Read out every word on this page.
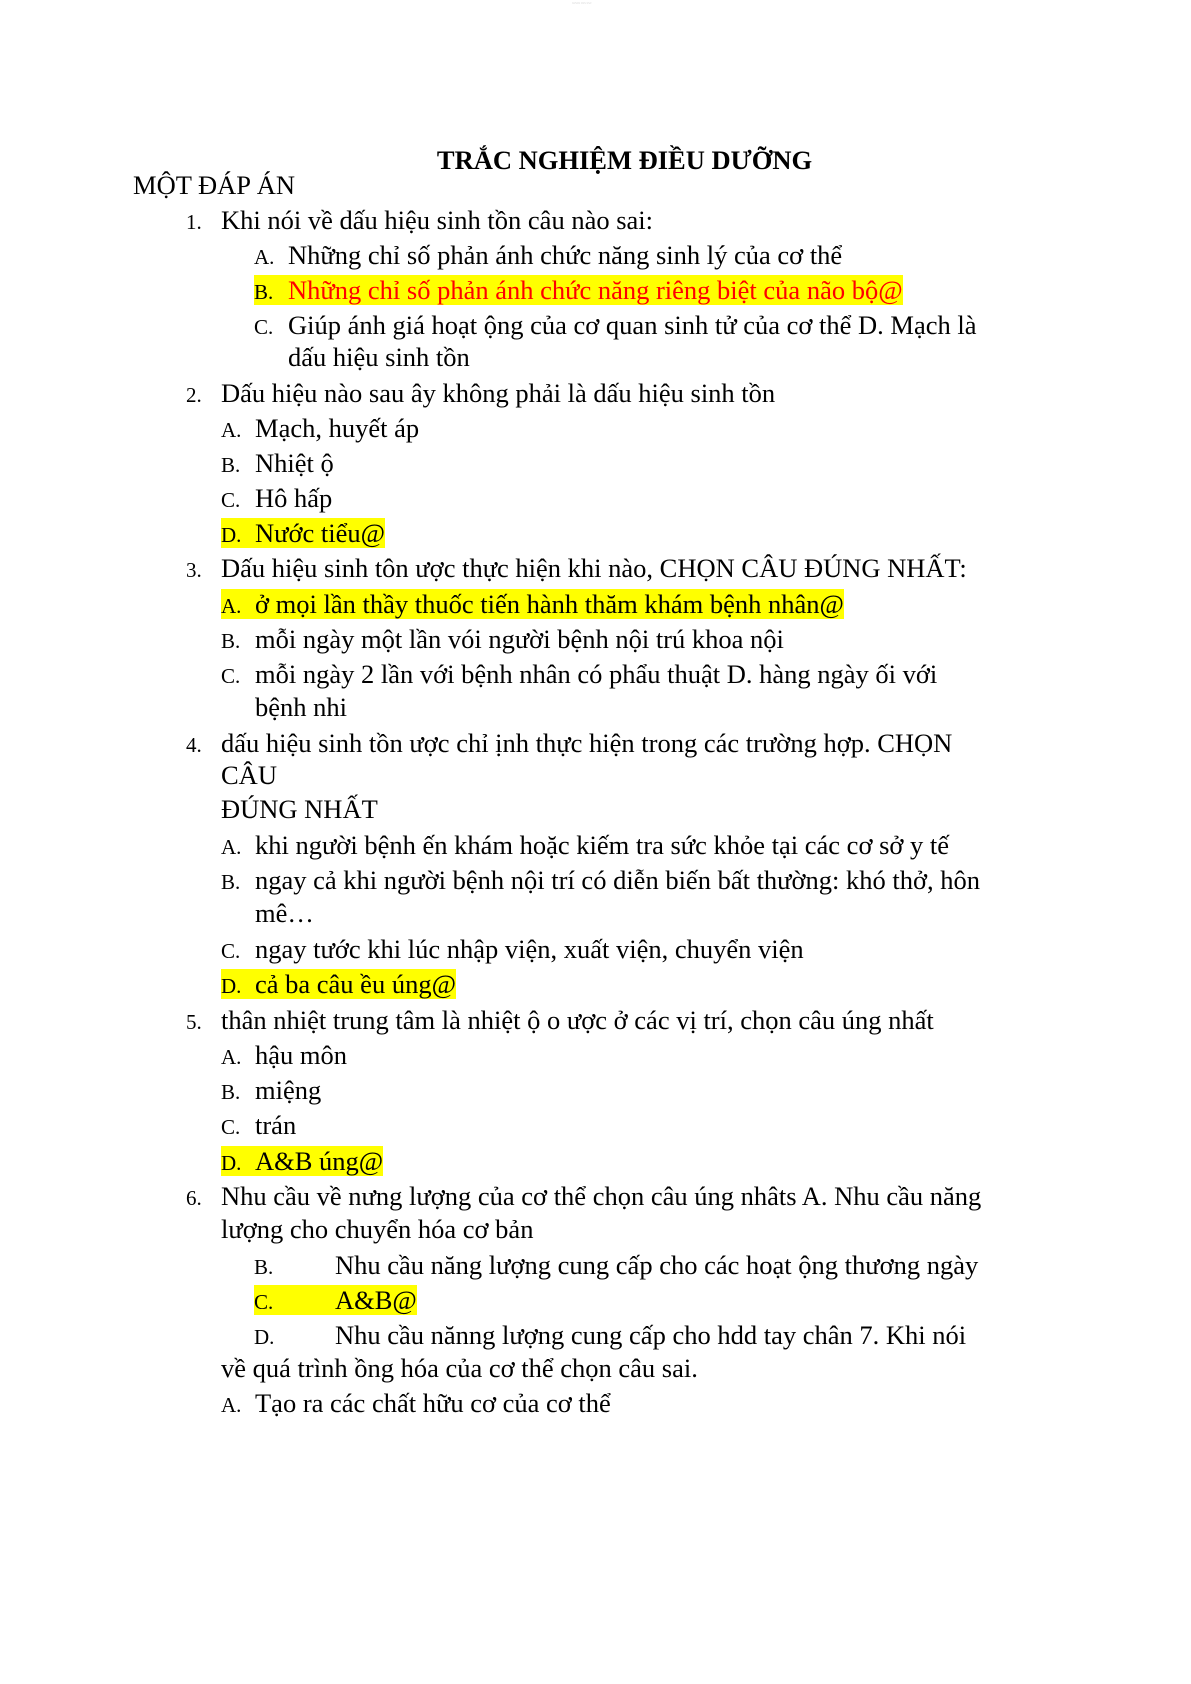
~~~~~ ~~~ ~~~
TRẮC NGHIỆM ĐIỀU DƯỠNG
MỘT ĐÁP ÁN
1. Khi nói về dấu hiệu sinh tồn câu nào sai:
A. Những chỉ số phản ánh chức năng sinh lý của cơ thể
B. Những chỉ số phản ánh chức năng riêng biệt của não bộ@
C. Giúp ánh giá hoạt ộng của cơ quan sinh tử của cơ thể D. Mạch là
dấu hiệu sinh tồn
2. Dấu hiệu nào sau ây không phải là dấu hiệu sinh tồn
A. Mạch, huyết áp
B. Nhiệt ộ
C. Hô hấp
D. Nước tiểu@
3. Dấu hiệu sinh tôn ược thực hiện khi nào, CHỌN CÂU ĐÚNG NHẤT:
A. ở mọi lần thầy thuốc tiến hành thăm khám bệnh nhân@
B. mỗi ngày một lần vói người bệnh nội trú khoa nội
C. mỗi ngày 2 lần với bệnh nhân có phẩu thuật D. hàng ngày ối với
bệnh nhi
4. dấu hiệu sinh tồn ược chỉ ịnh thực hiện trong các trường hợp. CHỌN
CÂU
ĐÚNG NHẤT
A. khi người bệnh ến khám hoặc kiếm tra sức khỏe tại các cơ sở y tế
B. ngay cả khi người bệnh nội trí có diễn biến bất thường: khó thở, hôn
mê…
C. ngay tước khi lúc nhập viện, xuất viện, chuyển viện
D. cả ba câu ều úng@
5. thân nhiệt trung tâm là nhiệt ộ o ược ở các vị trí, chọn câu úng nhất
A. hậu môn
B. miệng
C. trán
D. A&B úng@
6. Nhu cầu về nưng lượng của cơ thể chọn câu úng nhâts A. Nhu cầu năng
lượng cho chuyển hóa cơ bản
B. Nhu cầu năng lượng cung cấp cho các hoạt ộng thương ngày
C. A&B@
D. Nhu cầu nănng lượng cung cấp cho hdd tay chân 7. Khi nói
về quá trình ồng hóa của cơ thể chọn câu sai.
A. Tạo ra các chất hữu cơ của cơ thể
